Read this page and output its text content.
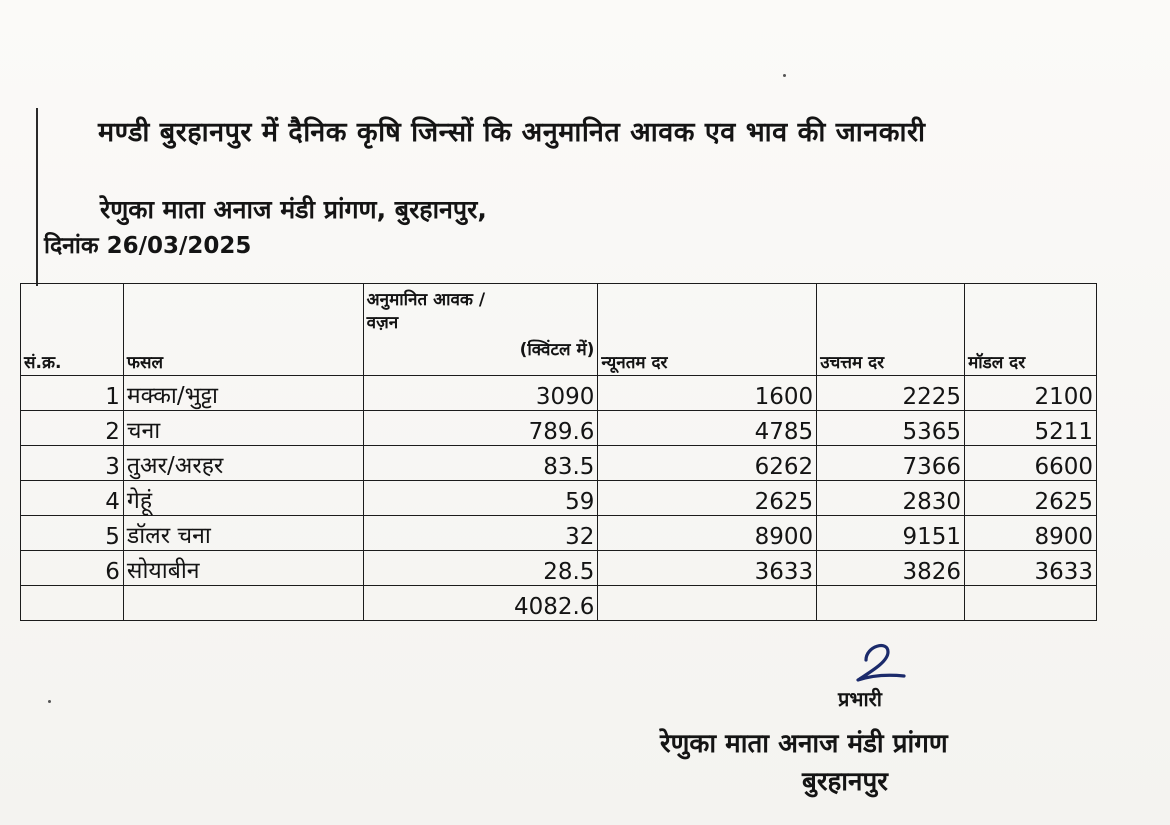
मण्डी बुरहानपुर में दैनिक कृषि जिन्सों कि अनुमानित आवक एव भाव की जानकारी
रेणुका माता अनाज मंडी प्रांगण, बुरहानपुर,
दिनांक 26/03/2025
सं.क्र.	फसल	अनुमानित आवक /
वज़न
(क्विंटल में)	न्यूनतम दर	उचत्तम दर	मॉडल दर
1	मक्का/भुट्टा	3090	1600	2225	2100
2	चना	789.6	4785	5365	5211
3	तुअर/अरहर	83.5	6262	7366	6600
4	गेहूं	59	2625	2830	2625
5	डॉलर चना	32	8900	9151	8900
6	सोयाबीन	28.5	3633	3826	3633
		4082.6			
प्रभारी
रेणुका माता अनाज मंडी प्रांगण
बुरहानपुर
